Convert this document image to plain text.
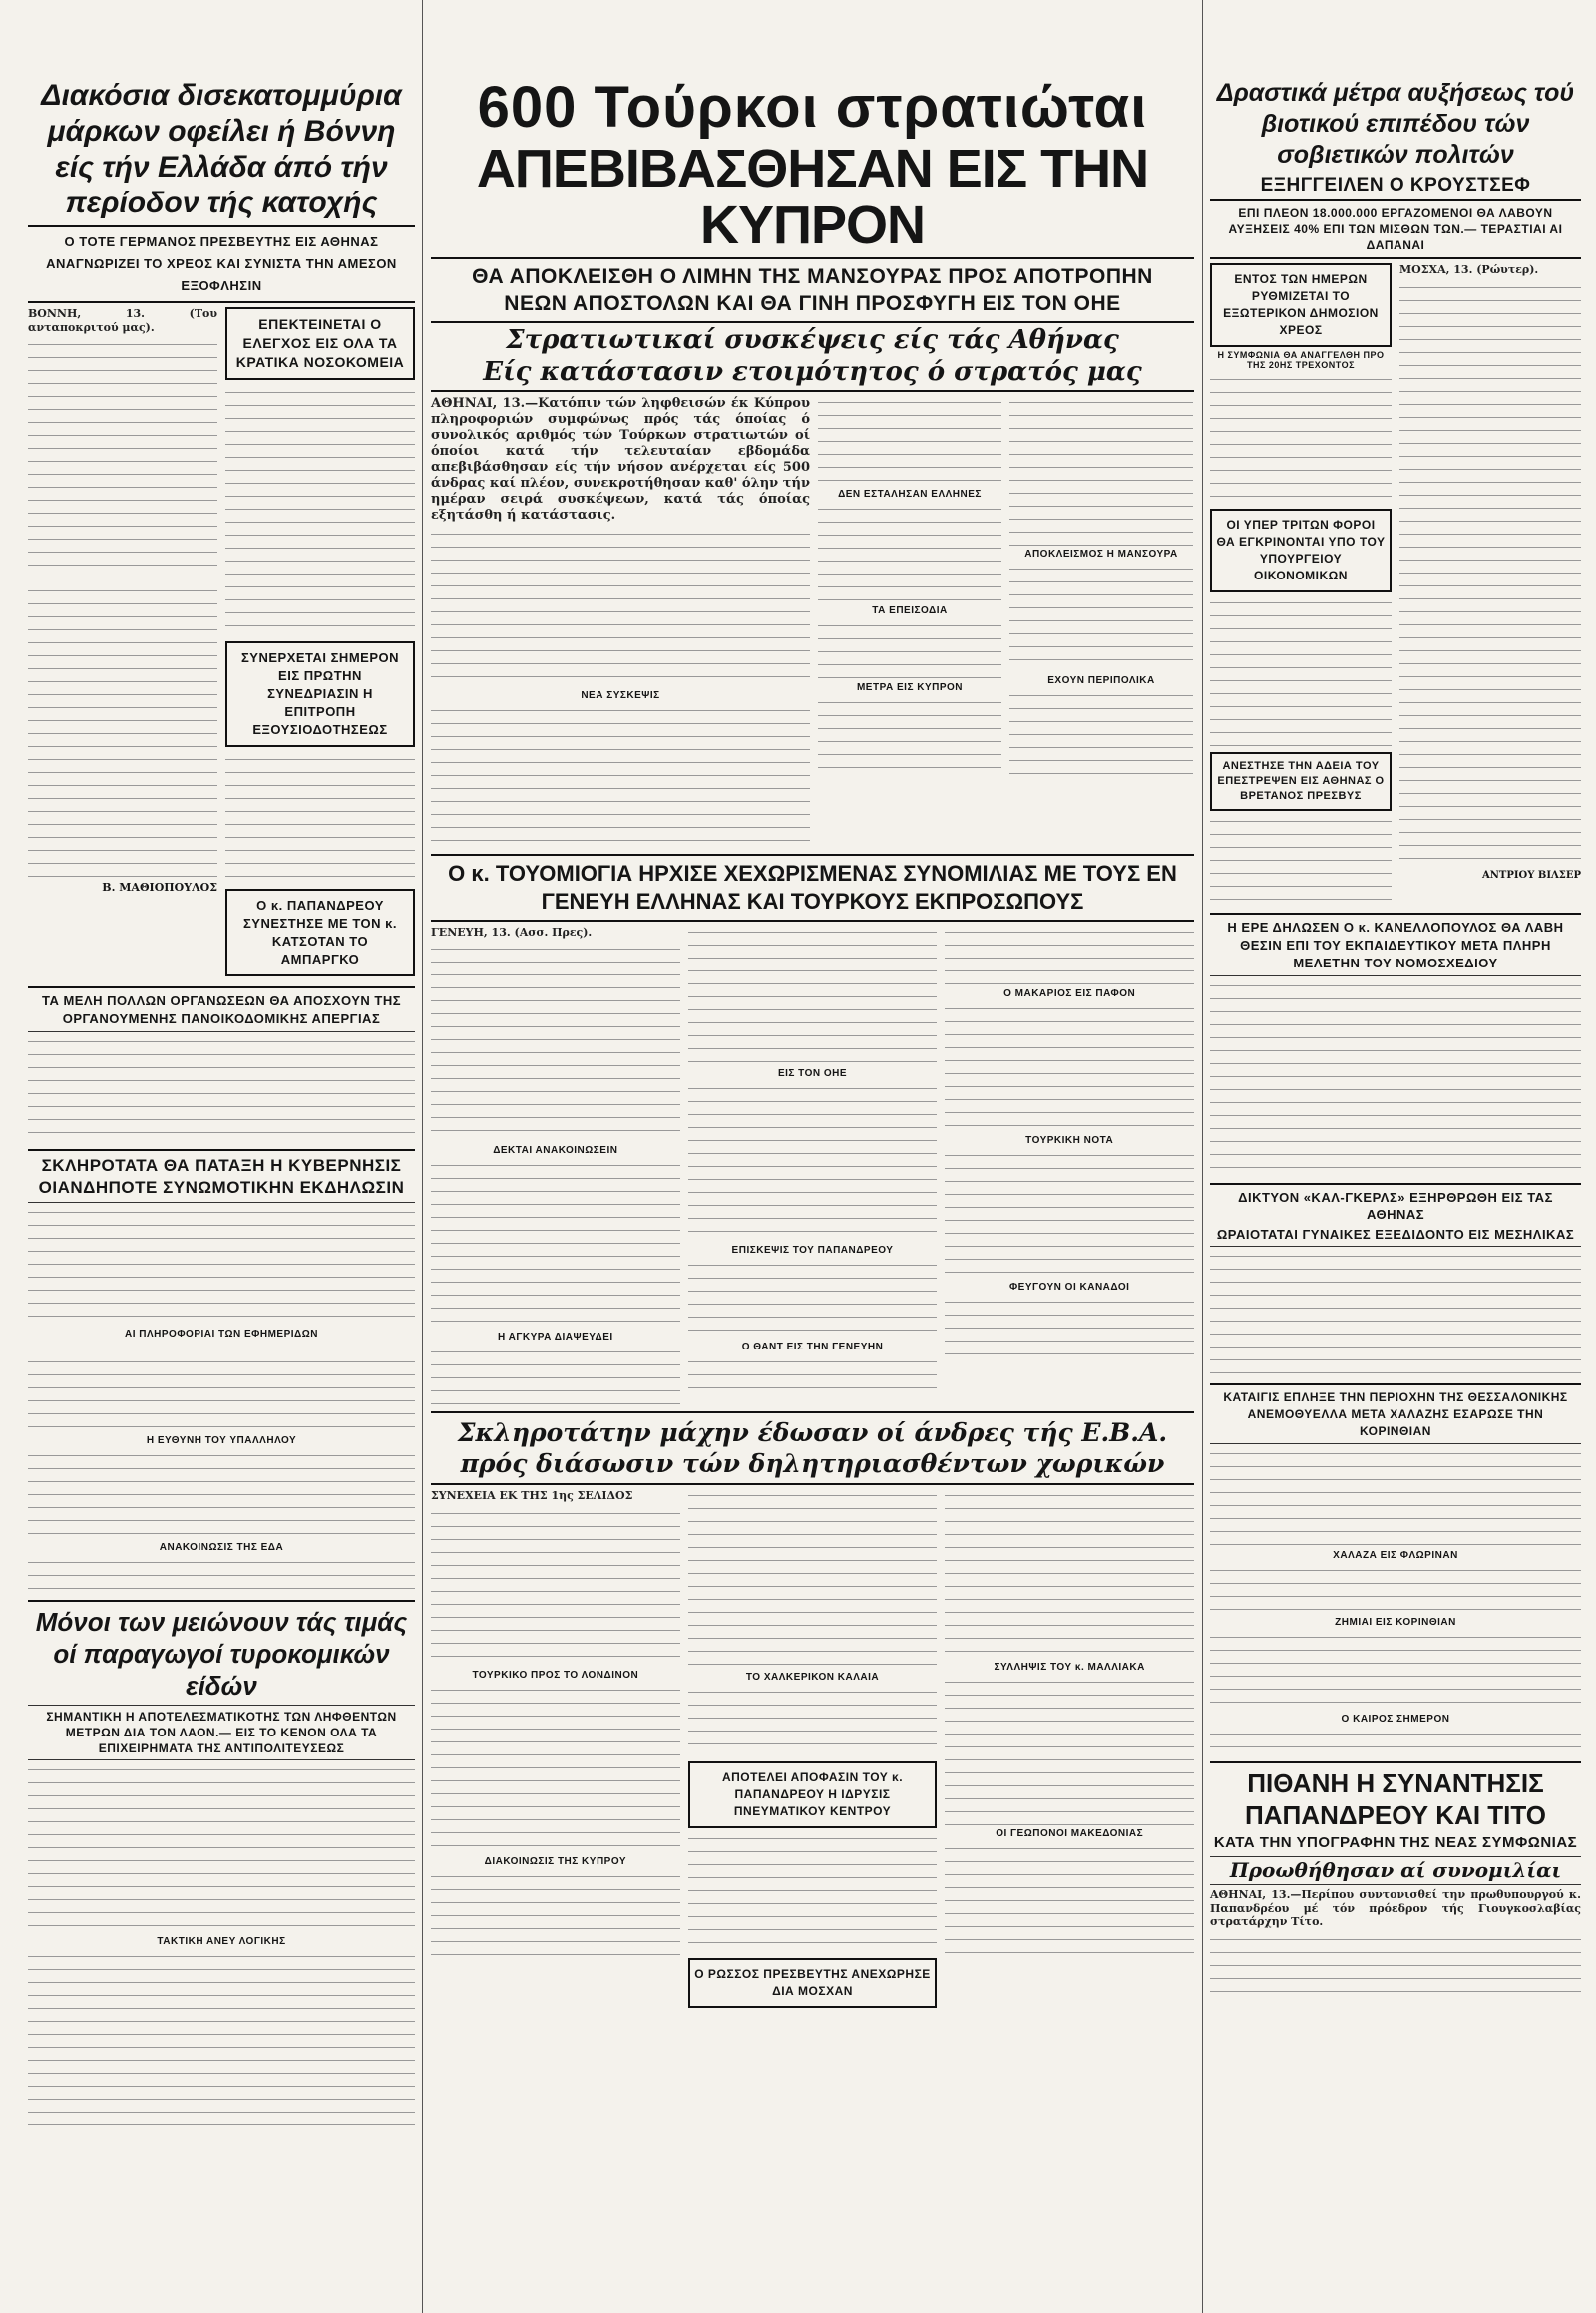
Διακόσια δισεκατομμύρια μάρκων οφείλει ή Βόννη είς τήν Ελλάδα άπό τήν περίοδον τής κατοχής
Ο ΤΟΤΕ ΓΕΡΜΑΝΟΣ ΠΡΕΣΒΕΥΤΗΣ ΕΙΣ ΑΘΗΝΑΣ ΑΝΑΓΝΩΡΙΖΕΙ ΤΟ ΧΡΕΟΣ ΚΑΙ ΣΥΝΙΣΤΑ ΤΗΝ ΑΜΕΣΟΝ ΕΞΟΦΛΗΣΙΝ

ΒΟΝΝΗ, 13. (Του ανταποκριτού μας).

Β. ΜΑΘΙΟΠΟΥΛΟΣ
ΕΠΕΚΤΕΙΝΕΤΑΙ Ο ΕΛΕΓΧΟΣ ΕΙΣ ΟΛΑ ΤΑ ΚΡΑΤΙΚΑ ΝΟΣΟΚΟΜΕΙΑ
ΣΥΝΕΡΧΕΤΑΙ ΣΗΜΕΡΟΝ ΕΙΣ ΠΡΩΤΗΝ ΣΥΝΕΔΡΙΑΣΙΝ Η ΕΠΙΤΡΟΠΗ ΕΞΟΥΣΙΟΔΟΤΗΣΕΩΣ
Ο κ. ΠΑΠΑΝΔΡΕΟΥ ΣΥΝΕΣΤΗΣΕ ΜΕ ΤΟΝ κ. ΚΑΤΣΟΤΑΝ ΤΟ ΑΜΠΑΡΓΚΟ
ΤΑ ΜΕΛΗ ΠΟΛΛΩΝ ΟΡΓΑΝΩΣΕΩΝ ΘΑ ΑΠΟΣΧΟΥΝ ΤΗΣ ΟΡΓΑΝΟΥΜΕΝΗΣ ΠΑΝΟΙΚΟΔΟΜΙΚΗΣ ΑΠΕΡΓΙΑΣ
ΣΚΛΗΡΟΤΑΤΑ ΘΑ ΠΑΤΑΞΗ Η ΚΥΒΕΡΝΗΣΙΣ ΟΙΑΝΔΗΠΟΤΕ ΣΥΝΩΜΟΤΙΚΗΝ ΕΚΔΗΛΩΣΙΝ
ΑΙ ΠΛΗΡΟΦΟΡΙΑΙ ΤΩΝ ΕΦΗΜΕΡΙΔΩΝ
Η ΕΥΘΥΝΗ ΤΟΥ ΥΠΑΛΛΗΛΟΥ
ΑΝΑΚΟΙΝΩΣΙΣ ΤΗΣ ΕΔΑ
Μόνοι των μειώνουν τάς τιμάς οί παραγωγοί τυροκομικών είδών
ΣΗΜΑΝΤΙΚΗ Η ΑΠΟΤΕΛΕΣΜΑΤΙΚΟΤΗΣ ΤΩΝ ΛΗΦΘΕΝΤΩΝ ΜΕΤΡΩΝ ΔΙΑ ΤΟΝ ΛΑΟΝ.— ΕΙΣ ΤΟ ΚΕΝΟΝ ΟΛΑ ΤΑ ΕΠΙΧΕΙΡΗΜΑΤΑ ΤΗΣ ΑΝΤΙΠΟΛΙΤΕΥΣΕΩΣ
ΤΑΚΤΙΚΗ ΑΝΕΥ ΛΟΓΙΚΗΣ
600 Τούρκοι στρατιώται
ΑΠΕΒΙΒΑΣΘΗΣΑΝ ΕΙΣ ΤΗΝ ΚΥΠΡΟΝ
ΘΑ ΑΠΟΚΛΕΙΣΘΗ Ο ΛΙΜΗΝ ΤΗΣ ΜΑΝΣΟΥΡΑΣ ΠΡΟΣ ΑΠΟΤΡΟΠΗΝ ΝΕΩΝ ΑΠΟΣΤΟΛΩΝ ΚΑΙ ΘΑ ΓΙΝΗ ΠΡΟΣΦΥΓΗ ΕΙΣ ΤΟΝ ΟΗΕ
Στρατιωτικαί συσκέψεις είς τάς Αθήνας
Είς κατάστασιν ετοιμότητος ό στρατός μας

ΑΘΗΝΑΙ, 13.—Κατόπιν τών ληφθεισών έκ Κύπρου πληροφοριών συμφώνως πρός τάς όποίας ό συνολικός αριθμός τών Τούρκων στρατιωτών οί όποίοι κατά τήν τελευταίαν εβδομάδα απεβιβάσθησαν είς τήν νήσον ανέρχεται είς 500 άνδρας καί πλέον, συνεκροτήθησαν καθ' όλην τήν ημέραν σειρά συσκέψεων, κατά τάς όποίας εξητάσθη ή κατάστασις.

ΝΕΑ ΣΥΣΚΕΨΙΣ
ΔΕΝ ΕΣΤΑΛΗΣΑΝ ΕΛΛΗΝΕΣ
ΤΑ ΕΠΕΙΣΟΔΙΑ
ΜΕΤΡΑ ΕΙΣ ΚΥΠΡΟΝ
ΑΠΟΚΛΕΙΣΜΟΣ Η ΜΑΝΣΟΥΡΑ
ΕΧΟΥΝ ΠΕΡΙΠΟΛΙΚΑ
Ο κ. ΤΟΥΟΜΙΟΓΙΑ ΗΡΧΙΣΕ ΧΕΧΩΡΙΣΜΕΝΑΣ ΣΥΝΟΜΙΛΙΑΣ ΜΕ ΤΟΥΣ ΕΝ ΓΕΝΕΥΗ ΕΛΛΗΝΑΣ ΚΑΙ ΤΟΥΡΚΟΥΣ ΕΚΠΡΟΣΩΠΟΥΣ

ΓΕΝΕΥΗ, 13. (Ασσ. Πρες).

ΔΕΚΤΑΙ ΑΝΑΚΟΙΝΩΣΕΙΝ
Η ΑΓΚΥΡΑ ΔΙΑΨΕΥΔΕΙ
ΕΙΣ ΤΟΝ ΟΗΕ
ΕΠΙΣΚΕΨΙΣ ΤΟΥ ΠΑΠΑΝΔΡΕΟΥ
Ο ΘΑΝΤ ΕΙΣ ΤΗΝ ΓΕΝΕΥΗΝ
Ο ΜΑΚΑΡΙΟΣ ΕΙΣ ΠΑΦΟΝ
ΤΟΥΡΚΙΚΗ ΝΟΤΑ
ΦΕΥΓΟΥΝ ΟΙ ΚΑΝΑΔΟΙ
Σκληροτάτην μάχην έδωσαν οί άνδρες τής Ε.Β.Α. πρός διάσωσιν τών δηλητηριασθέντων χωρικών

ΣΥΝΕΧΕΙΑ ΕΚ ΤΗΣ 1ης ΣΕΛΙΔΟΣ

ΤΟΥΡΚΙΚΟ ΠΡΟΣ ΤΟ ΛΟΝΔΙΝΟΝ
ΔΙΑΚΟΙΝΩΣΙΣ ΤΗΣ ΚΥΠΡΟΥ
ΤΟ ΧΑΛΚΕΡΙΚΟΝ ΚΑΛΑΙΑ
ΑΠΟΤΕΛΕΙ ΑΠΟΦΑΣΙΝ ΤΟΥ κ. ΠΑΠΑΝΔΡΕΟΥ Η ΙΔΡΥΣΙΣ ΠΝΕΥΜΑΤΙΚΟΥ ΚΕΝΤΡΟΥ
Ο ΡΩΣΣΟΣ ΠΡΕΣΒΕΥΤΗΣ ΑΝΕΧΩΡΗΣΕ ΔΙΑ ΜΟΣΧΑΝ
ΣΥΛΛΗΨΙΣ ΤΟΥ κ. ΜΑΛΛΙΑΚΑ
ΟΙ ΓΕΩΠΟΝΟΙ ΜΑΚΕΔΟΝΙΑΣ
Δραστικά μέτρα αυξήσεως τού βιοτικού επιπέδου τών σοβιετικών πολιτών
ΕΞΗΓΓΕΙΛΕΝ Ο ΚΡΟΥΣΤΣΕΦ
ΕΠΙ ΠΛΕΟΝ 18.000.000 ΕΡΓΑΖΟΜΕΝΟΙ ΘΑ ΛΑΒΟΥΝ ΑΥΞΗΣΕΙΣ 40% ΕΠΙ ΤΩΝ ΜΙΣΘΩΝ ΤΩΝ.— ΤΕΡΑΣΤΙΑΙ ΑΙ ΔΑΠΑΝΑΙ
ΕΝΤΟΣ ΤΩΝ ΗΜΕΡΩΝ ΡΥΘΜΙΖΕΤΑΙ ΤΟ ΕΞΩΤΕΡΙΚΟΝ ΔΗΜΟΣΙΟΝ ΧΡΕΟΣ
Η ΣΥΜΦΩΝΙΑ ΘΑ ΑΝΑΓΓΕΛΘΗ ΠΡΟ ΤΗΣ 20ΗΣ ΤΡΕΧΟΝΤΟΣ
ΟΙ ΥΠΕΡ ΤΡΙΤΩΝ ΦΟΡΟΙ ΘΑ ΕΓΚΡΙΝΟΝΤΑΙ ΥΠΟ ΤΟΥ ΥΠΟΥΡΓΕΙΟΥ ΟΙΚΟΝΟΜΙΚΩΝ
ΑΝΕΣΤΗΣΕ ΤΗΝ ΑΔΕΙΑ ΤΟΥ ΕΠΕΣΤΡΕΨΕΝ ΕΙΣ ΑΘΗΝΑΣ Ο ΒΡΕΤΑΝΟΣ ΠΡΕΣΒΥΣ

ΜΟΣΧΑ, 13. (Ρώυτερ).

ΑΝΤΡΙΟΥ ΒΙΛΣΕΡ
Η ΕΡΕ ΔΗΛΩΣΕΝ Ο κ. ΚΑΝΕΛΛΟΠΟΥΛΟΣ ΘΑ ΛΑΒΗ ΘΕΣΙΝ ΕΠΙ ΤΟΥ ΕΚΠΑΙΔΕΥΤΙΚΟΥ ΜΕΤΑ ΠΛΗΡΗ ΜΕΛΕΤΗΝ ΤΟΥ ΝΟΜΟΣΧΕΔΙΟΥ
ΔΙΚΤΥΟΝ «ΚΑΛ-ΓΚΕΡΛΣ» ΕΞΗΡΘΡΩΘΗ ΕΙΣ ΤΑΣ ΑΘΗΝΑΣ
ΩΡΑΙΟΤΑΤΑΙ ΓΥΝΑΙΚΕΣ ΕΞΕΔΙΔΟΝΤΟ ΕΙΣ ΜΕΣΗΛΙΚΑΣ
ΚΑΤΑΙΓΙΣ ΕΠΛΗΞΕ ΤΗΝ ΠΕΡΙΟΧΗΝ ΤΗΣ ΘΕΣΣΑΛΟΝΙΚΗΣ ΑΝΕΜΟΘΥΕΛΛΑ ΜΕΤΑ ΧΑΛΑΖΗΣ ΕΣΑΡΩΣΕ ΤΗΝ ΚΟΡΙΝΘΙΑΝ
ΧΑΛΑΖΑ ΕΙΣ ΦΛΩΡΙΝΑΝ
ΖΗΜΙΑΙ ΕΙΣ ΚΟΡΙΝΘΙΑΝ
Ο ΚΑΙΡΟΣ ΣΗΜΕΡΟΝ
ΠΙΘΑΝΗ Η ΣΥΝΑΝΤΗΣΙΣ ΠΑΠΑΝΔΡΕΟΥ ΚΑΙ ΤΙΤΟ
ΚΑΤΑ ΤΗΝ ΥΠΟΓΡΑΦΗΝ ΤΗΣ ΝΕΑΣ ΣΥΜΦΩΝΙΑΣ
Προωθήθησαν αί συνομιλίαι

ΑΘΗΝΑΙ, 13.—Περίπου συντονισθεί την πρωθυπουργού κ. Παπανδρέου μέ τόν πρόεδρον τής Γιουγκοσλαβίας στρατάρχην Τίτο.
